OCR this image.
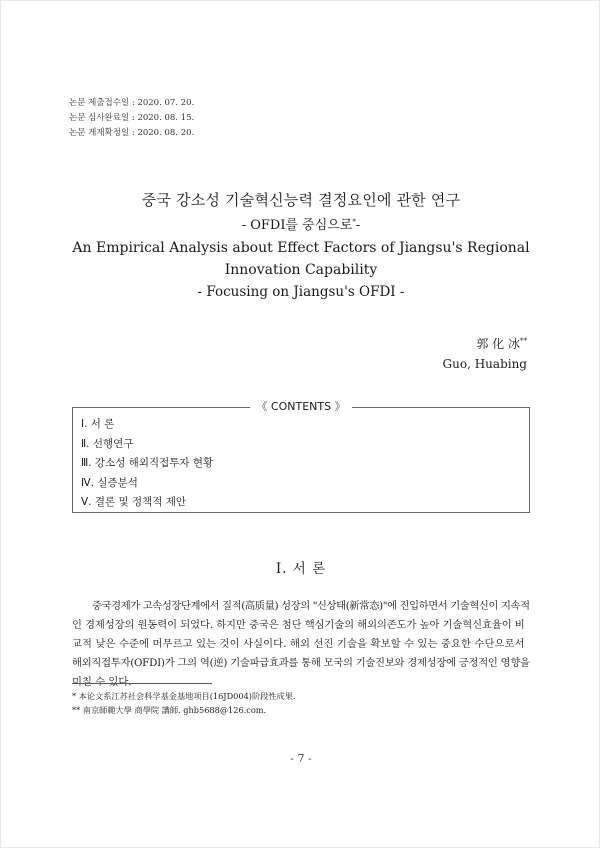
논문 제출접수일 : 2020. 07. 20.
논문 심사완료일 : 2020. 08. 15.
논문 게재확정일 : 2020. 08. 20.
중국 강소성 기술혁신능력 결정요인에 관한 연구
- OFDI를 중심으로*-
An Empirical Analysis about Effect Factors of Jiangsu's Regional
Innovation Capability
- Focusing on Jiangsu's OFDI -
郭 化 冰**
Guo, Huabing
《 CONTENTS 》
Ⅰ. 서 론
Ⅱ. 선행연구
Ⅲ. 강소성 해외직접투자 현황
Ⅳ. 실증분석
Ⅴ. 결론 및 정책적 제안
Ⅰ. 서 론
중국경제가 고속성장단계에서 질적(高质量) 성장의 "신상태(新常态)"에 진입하면서 기술혁신이 지속적
인 경제성장의 원동력이 되었다. 하지만 중국은 첨단 핵심기술의 해외의존도가 높아 기술혁신효율이 비
교적 낮은 수준에 머무르고 있는 것이 사실이다. 해외 선진 기술을 확보할 수 있는 중요한 수단으로서
해외직접투자(OFDI)가 그의 역(逆) 기술파급효과를 통해 모국의 기술진보와 경제성장에 긍정적인 영향을
미칠 수 있다.
* 本论文系江苏社会科学基金基地项目(16JD004)阶段性成果.
** 南京師範大學 商學院 講師. ghb5688@126.com.
- 7 -
